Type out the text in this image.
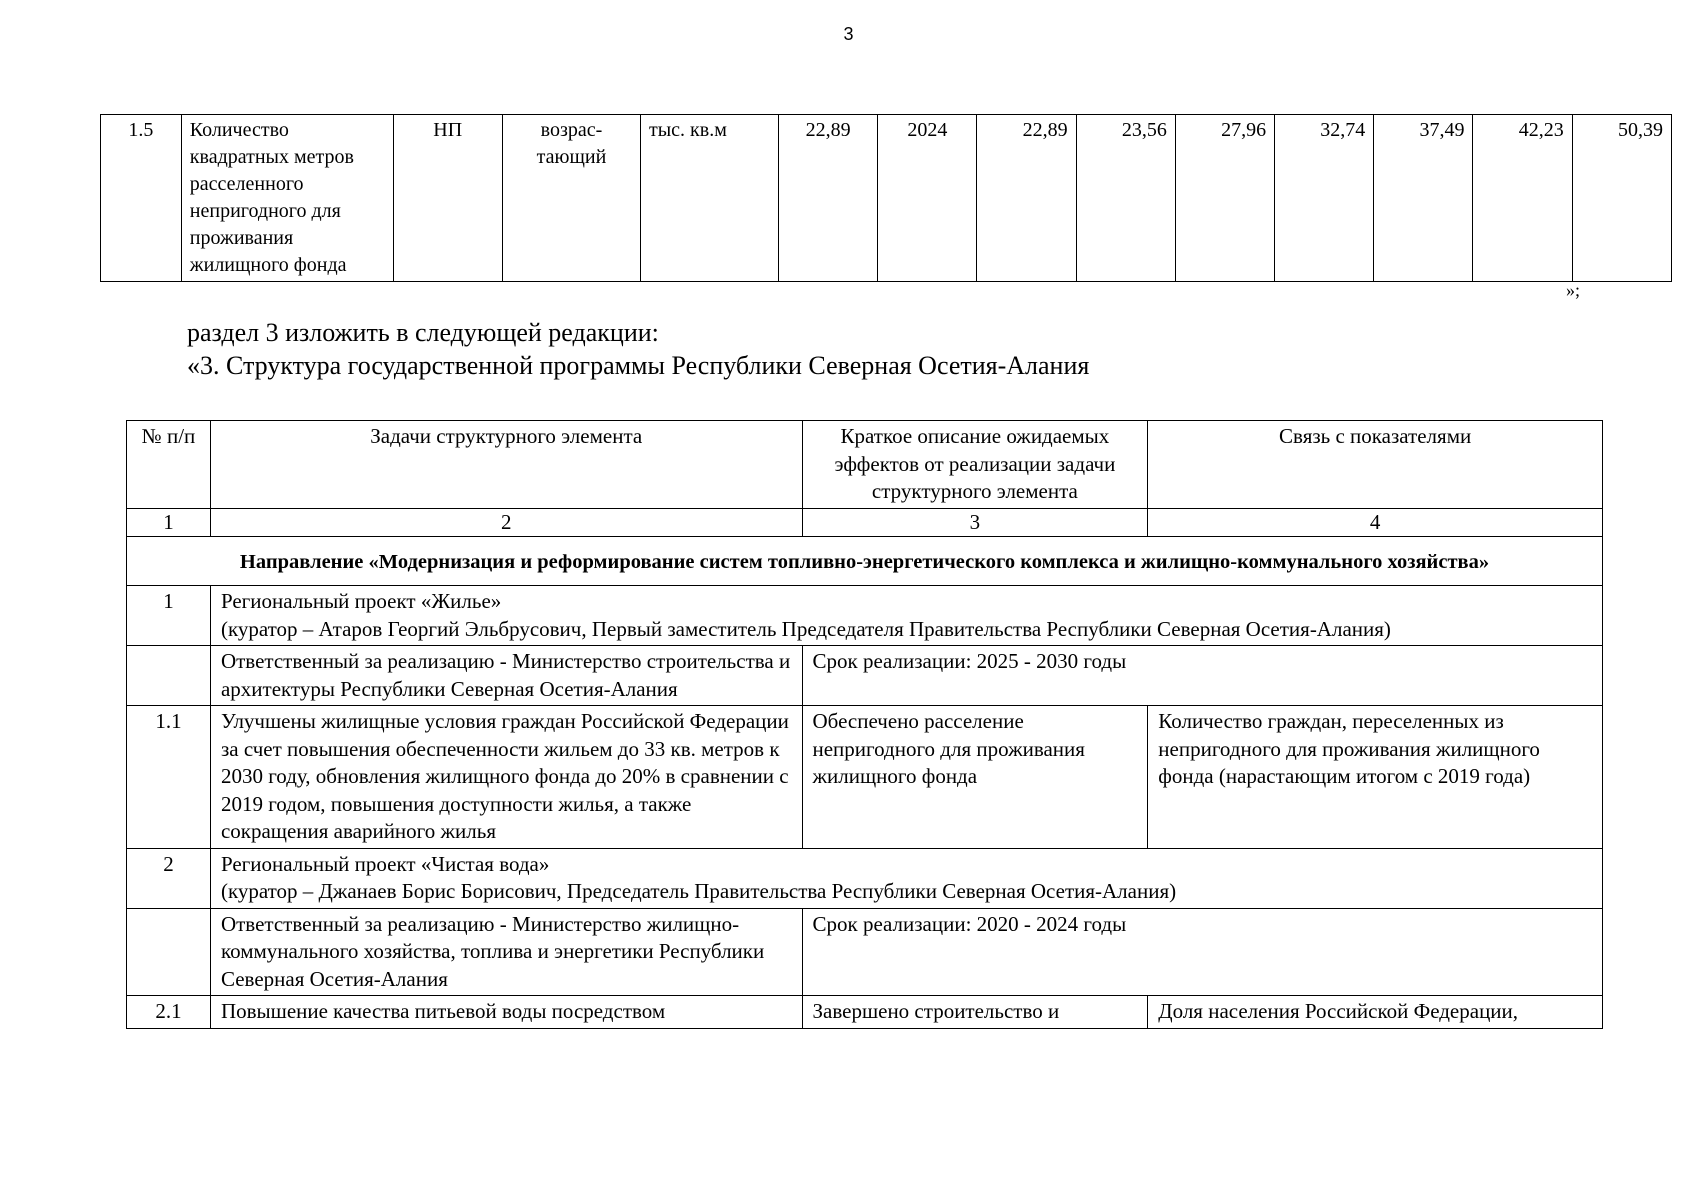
3
1.5	Количество квадратных метров расселенного непригодного для проживания жилищного фонда	НП	возрас-тающий	тыс. кв.м	22,89	2024	22,89	23,56	27,96	32,74	37,49	42,23	50,39
»;
раздел 3 изложить в следующей редакции:
«3. Структура государственной программы Республики Северная Осетия-Алания
№ п/п	Задачи структурного элемента	Краткое описание ожидаемых эффектов от реализации задачи структурного элемента	Связь с показателями
1	2	3	4
Направление «Модернизация и реформирование систем топливно-энергетического комплекса и жилищно-коммунального хозяйства»			
1	Региональный проект «Жилье»
(куратор – Атаров Георгий Эльбрусович, Первый заместитель Председателя Правительства Республики Северная Осетия-Алания)		

	Ответственный за реализацию - Министерство строительства и архитектуры Республики Северная Осетия-Алания	Срок реализации: 2025 - 2030 годы	
1.1	Улучшены жилищные условия граждан Российской Федерации за счет повышения обеспеченности жильем до 33 кв. метров к 2030 году, обновления жилищного фонда до 20% в сравнении с 2019 годом, повышения доступности жилья, а также сокращения аварийного жилья	Обеспечено расселение непригодного для проживания жилищного фонда	Количество граждан, переселенных из непригодного для проживания жилищного фонда (нарастающим итогом с 2019 года)
2	Региональный проект «Чистая вода»
(куратор – Джанаев Борис Борисович, Председатель Правительства Республики Северная Осетия-Алания)		

	Ответственный за реализацию - Министерство жилищно-коммунального хозяйства, топлива и энергетики Республики Северная Осетия-Алания	Срок реализации: 2020 - 2024 годы	
2.1	Повышение качества питьевой воды посредством	Завершено строительство и	Доля населения Российской Федерации,
